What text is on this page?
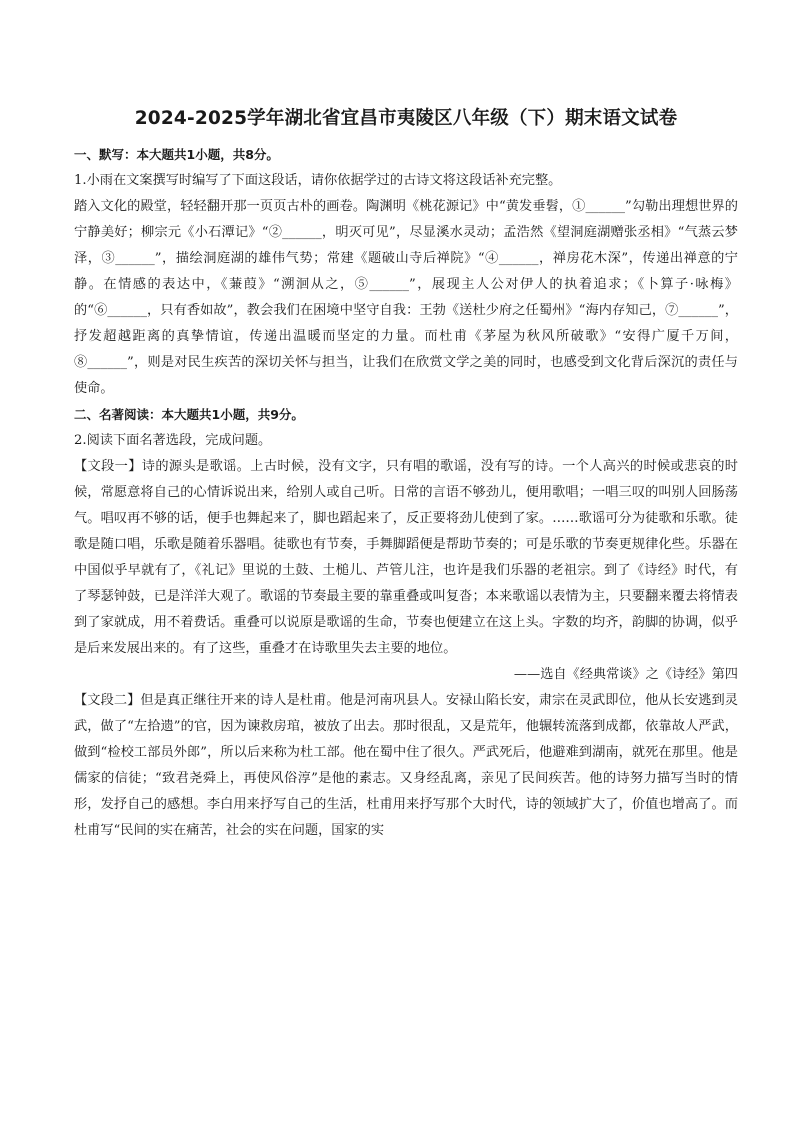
2024-2025学年湖北省宜昌市夷陵区八年级（下）期末语文试卷
一、默写：本大题共1小题，共8分。
1.小雨在文案撰写时编写了下面这段话，请你依据学过的古诗文将这段话补充完整。
踏入文化的殿堂，轻轻翻开那一页页古朴的画卷。陶渊明《桃花源记》中“黄发垂髫，①______”勾勒出理想世界的宁静美好；柳宗元《小石潭记》“②______，明灭可见”，尽显溪水灵动；孟浩然《望洞庭湖赠张丞相》“气蒸云梦泽，③______”，描绘洞庭湖的雄伟气势；常建《题破山寺后禅院》“④______，禅房花木深”，传递出禅意的宁静。在情感的表达中，《蒹葭》“溯洄从之，⑤______”，展现主人公对伊人的执着追求；《卜算子·咏梅》的“⑥______，只有香如故”，教会我们在困境中坚守自我：王勃《送杜少府之任蜀州》“海内存知己，⑦______”，抒发超越距离的真挚情谊，传递出温暖而坚定的力量。而杜甫《茅屋为秋风所破歌》“安得广厦千万间，⑧______”，则是对民生疾苦的深切关怀与担当，让我们在欣赏文学之美的同时，也感受到文化背后深沉的责任与使命。
二、名著阅读：本大题共1小题，共9分。
2.阅读下面名著选段，完成问题。
【文段一】诗的源头是歌谣。上古时候，没有文字，只有唱的歌谣，没有写的诗。一个人高兴的时候或悲哀的时候，常愿意将自己的心情诉说出来，给别人或自己听。日常的言语不够劲儿，便用歌唱；一唱三叹的叫别人回肠荡气。唱叹再不够的话，便手也舞起来了，脚也蹈起来了，反正要将劲儿使到了家。……歌谣可分为徒歌和乐歌。徒歌是随口唱，乐歌是随着乐器唱。徒歌也有节奏，手舞脚蹈便是帮助节奏的；可是乐歌的节奏更规律化些。乐器在中国似乎早就有了，《礼记》里说的土鼓、土槌儿、芦管儿注，也许是我们乐器的老祖宗。到了《诗经》时代，有了琴瑟钟鼓，已是洋洋大观了。歌谣的节奏最主要的靠重叠或叫复沓；本来歌谣以表情为主，只要翻来覆去将情表到了家就成，用不着费话。重叠可以说原是歌谣的生命，节奏也便建立在这上头。字数的均齐，韵脚的协调，似乎是后来发展出来的。有了这些，重叠才在诗歌里失去主要的地位。
——选自《经典常谈》之《诗经》第四
【文段二】但是真正继往开来的诗人是杜甫。他是河南巩县人。安禄山陷长安，肃宗在灵武即位，他从长安逃到灵武，做了“左拾遗”的官，因为谏救房琯，被放了出去。那时很乱，又是荒年，他辗转流落到成都，依靠故人严武，做到“检校工部员外郎”，所以后来称为杜工部。他在蜀中住了很久。严武死后，他避难到湖南，就死在那里。他是儒家的信徒；“致君尧舜上，再使风俗淳”是他的素志。又身经乱离，亲见了民间疾苦。他的诗努力描写当时的情形，发抒自己的感想。李白用来抒写自己的生活，杜甫用来抒写那个大时代，诗的领域扩大了，价值也增高了。而杜甫写“民间的实在痛苦，社会的实在问题，国家的实
